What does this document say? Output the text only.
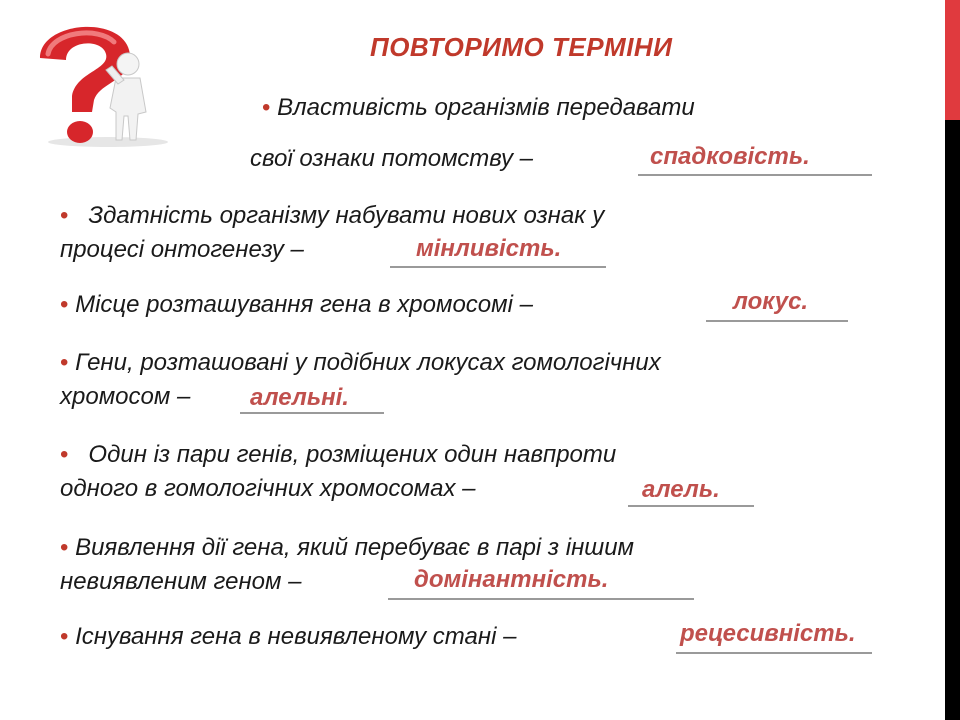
ПОВТОРИМО ТЕРМІНИ

• Властивість організмів передавати

свої ознаки потомству –	спадковість.

• Здатність організму набувати нових ознак у
процесі онтогенезу –	мінливість.

• Місце розташування гена в хромосомі –	локус.

• Гени, розташовані у подібних локусах гомологічних
хромосом –	алельні.

• Один із пари генів, розміщених один навпроти
одного в гомологічних хромосомах –	алель.

• Виявлення дії гена, який перебуває в парі з іншим
невиявленим геном –	домінантність.

• Існування гена в невиявленому стані –	рецесивність.
